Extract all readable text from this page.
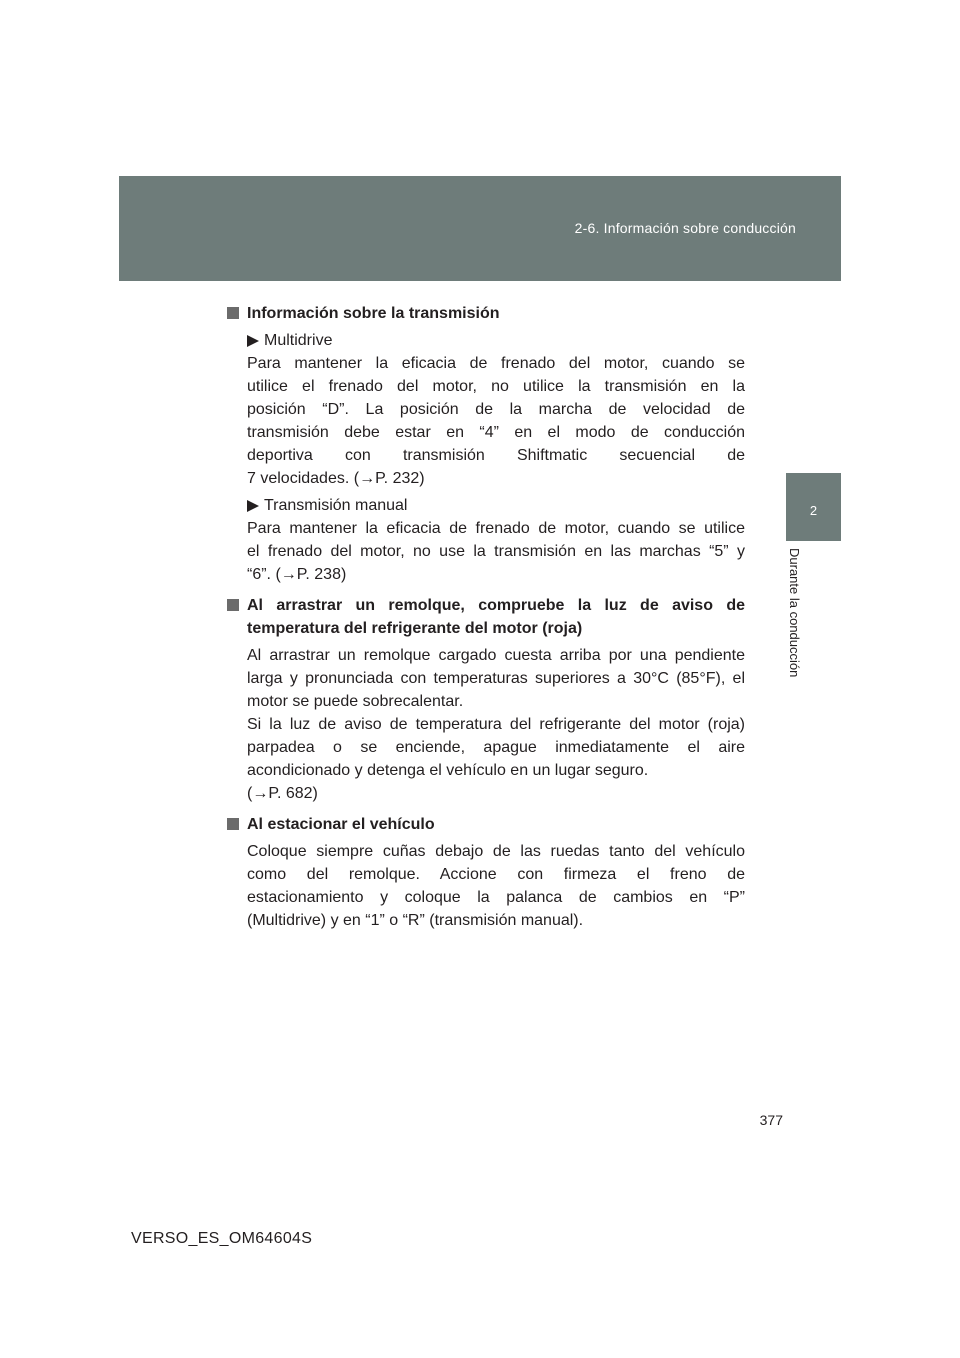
2-6. Información sobre conducción
2
Durante la conducción
Información sobre la transmisión
Multidrive
Para mantener la eficacia de frenado del motor, cuando se
utilice el frenado del motor, no utilice la transmisión en la
posición “D”. La posición de la marcha de velocidad de
transmisión debe estar en “4” en el modo de conducción
deportiva con transmisión Shiftmatic secuencial de
7 velocidades. (→P. 232)
Transmisión manual
Para mantener la eficacia de frenado de motor, cuando se utilice
el frenado del motor, no use la transmisión en las marchas “5” y
“6”. (→P. 238)
Al arrastrar un remolque, compruebe la luz de aviso de
temperatura del refrigerante del motor (roja)
Al arrastrar un remolque cargado cuesta arriba por una pendiente
larga y pronunciada con temperaturas superiores a 30°C (85°F), el
motor se puede sobrecalentar.
Si la luz de aviso de temperatura del refrigerante del motor (roja)
parpadea o se enciende, apague inmediatamente el aire
acondicionado y detenga el vehículo en un lugar seguro.
(→P. 682)
Al estacionar el vehículo
Coloque siempre cuñas debajo de las ruedas tanto del vehículo
como del remolque. Accione con firmeza el freno de
estacionamiento y coloque la palanca de cambios en “P”
(Multidrive) y en “1” o “R” (transmisión manual).
377
VERSO_ES_OM64604S
